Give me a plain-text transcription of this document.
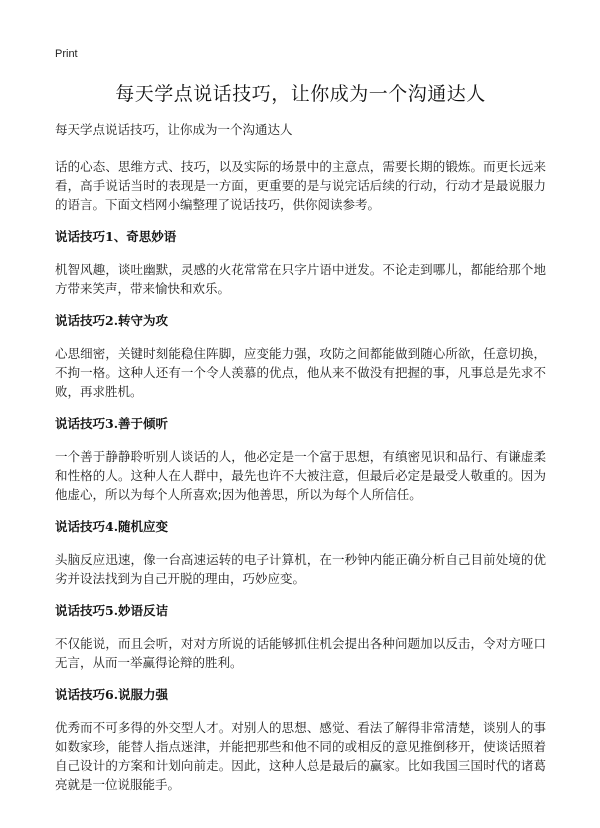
Print

每天学点说话技巧，让你成为一个沟通达人

每天学点说话技巧，让你成为一个沟通达人

话的心态、思维方式、技巧，以及实际的场景中的主意点，需要长期的锻炼。而更长远来看，高手说话当时的表现是一方面，更重要的是与说完话后续的行动，行动才是最说服力的语言。下面文档网小编整理了说话技巧，供你阅读参考。

说话技巧1、奇思妙语

机智风趣，谈吐幽默，灵感的火花常常在只字片语中迸发。不论走到哪儿，都能给那个地方带来笑声，带来愉快和欢乐。

说话技巧2.转守为攻

心思细密，关键时刻能稳住阵脚，应变能力强，攻防之间都能做到随心所欲，任意切换，不拘一格。这种人还有一个令人羡慕的优点，他从来不做没有把握的事，凡事总是先求不败，再求胜机。

说话技巧3.善于倾听

一个善于静静聆听别人谈话的人，他必定是一个富于思想，有缜密见识和品行、有谦虚柔和性格的人。这种人在人群中，最先也许不大被注意，但最后必定是最受人敬重的。因为他虚心，所以为每个人所喜欢;因为他善思，所以为每个人所信任。

说话技巧4.随机应变

头脑反应迅速，像一台高速运转的电子计算机，在一秒钟内能正确分析自己目前处境的优劣并设法找到为自己开脱的理由，巧妙应变。

说话技巧5.妙语反诘

不仅能说，而且会听，对对方所说的话能够抓住机会提出各种问题加以反击，令对方哑口无言，从而一举赢得论辩的胜利。

说话技巧6.说服力强

优秀而不可多得的外交型人才。对别人的思想、感觉、看法了解得非常清楚，谈别人的事如数家珍，能替人指点迷津，并能把那些和他不同的或相反的意见推倒移开，使谈话照着自己设计的方案和计划向前走。因此，这种人总是最后的赢家。比如我国三国时代的诸葛亮就是一位说服能手。
